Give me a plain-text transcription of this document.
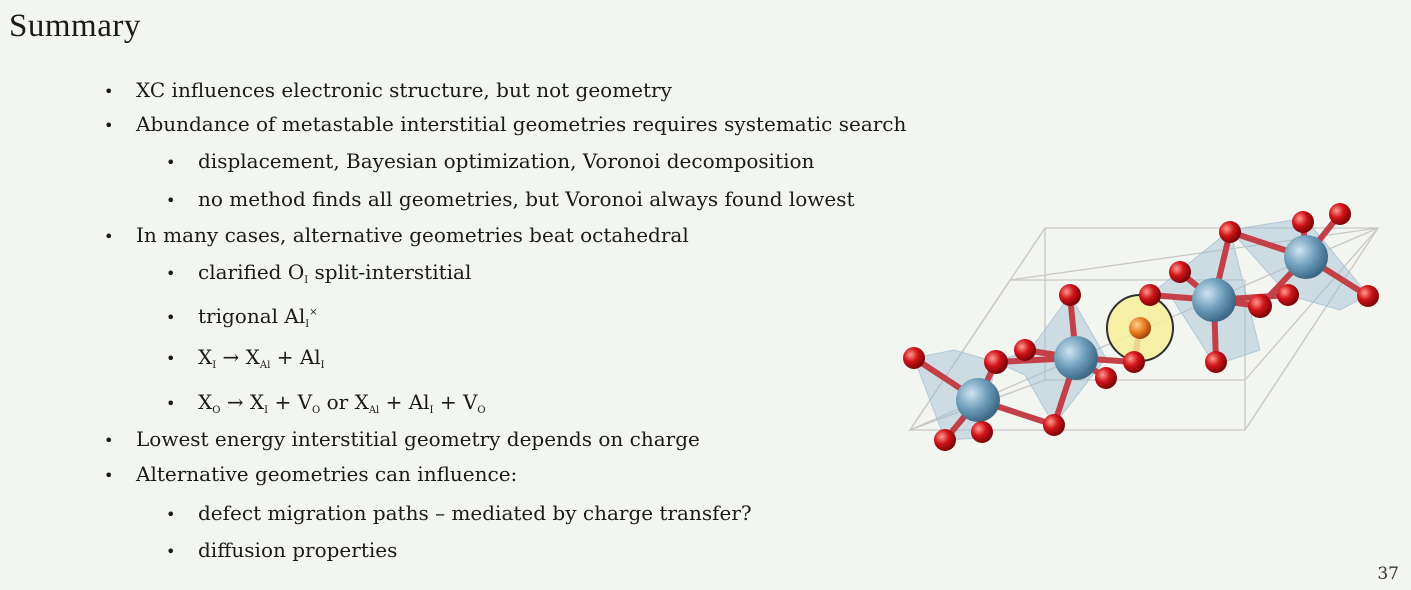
Summary
• XC influences electronic structure, but not geometry
• Abundance of metastable interstitial geometries requires systematic search
• displacement, Bayesian optimization, Voronoi decomposition
• no method finds all geometries, but Voronoi always found lowest
• In many cases, alternative geometries beat octahedral
• clarified $O_I$ split-interstitial
• trigonal $Al_I^\times$
• $X_I \to X_{Al} + Al_I$
• $X_O \to X_I + V_O$ or $X_{Al} + Al_I + V_O$
• Lowest energy interstitial geometry depends on charge
• Alternative geometries can influence:
• defect migration paths – mediated by charge transfer?
• diffusion properties
37
